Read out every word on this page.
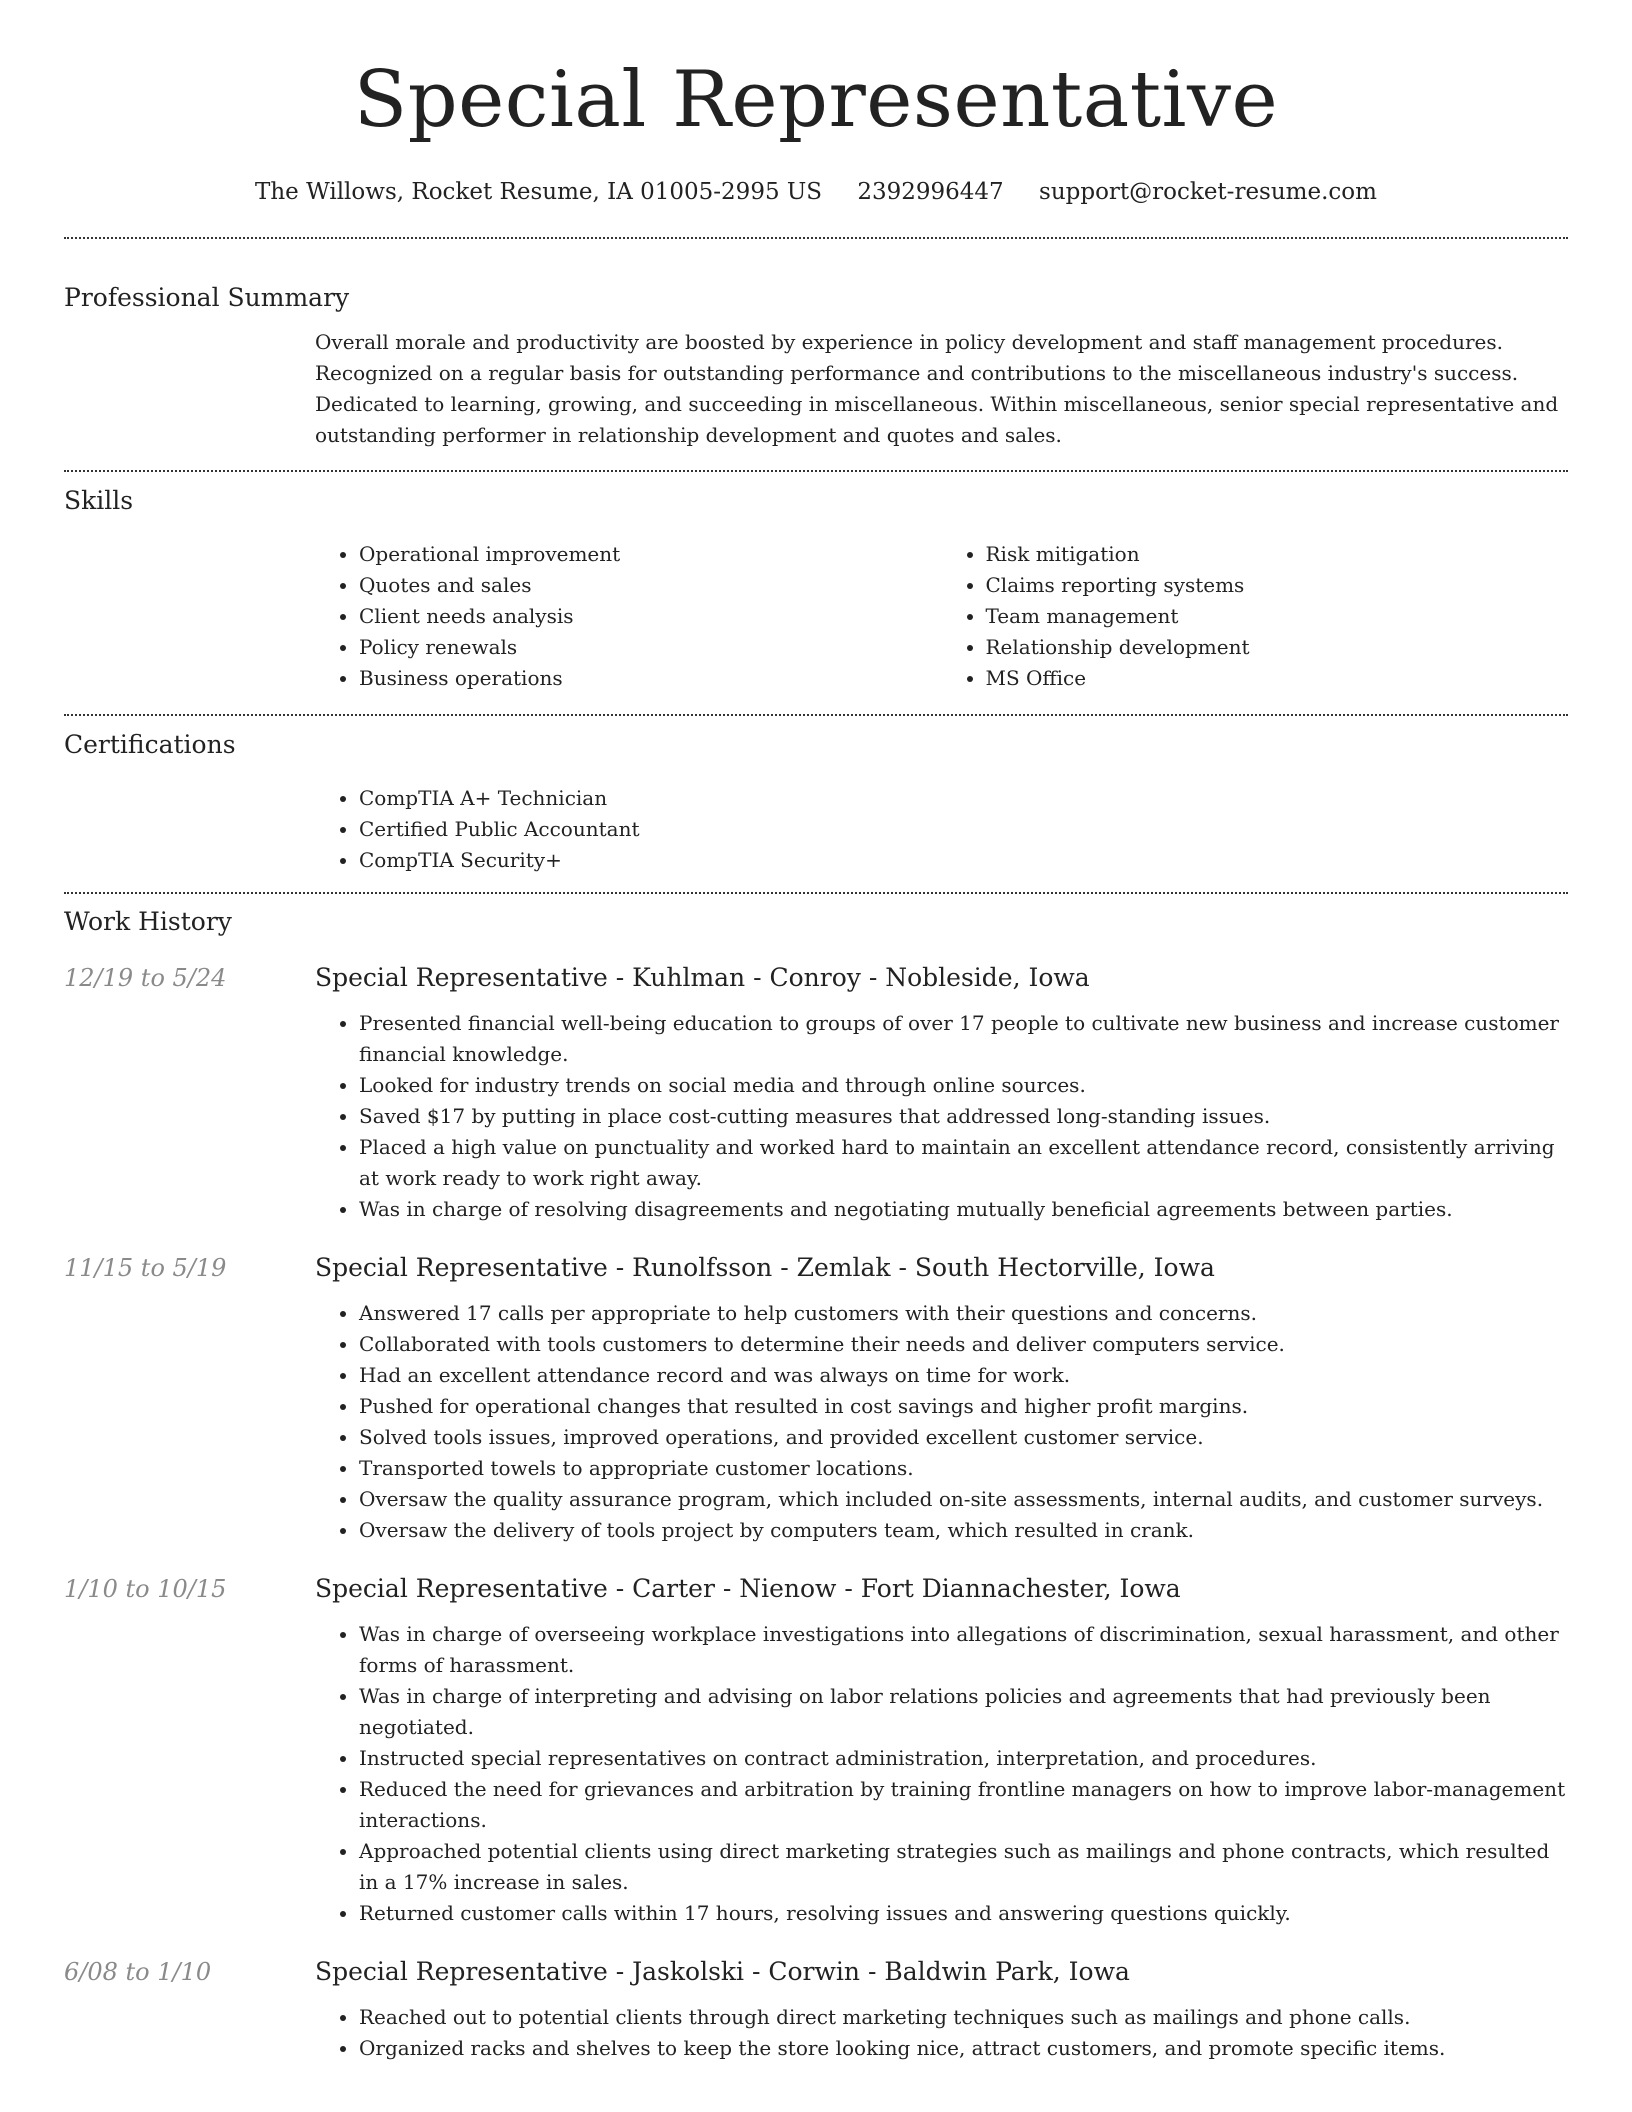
Special Representative
The Willows, Rocket Resume, IA 01005-2995 US 2392996447 support@rocket-resume.com
Professional Summary
Overall morale and productivity are boosted by experience in policy development and staff management procedures. Recognized on a regular basis for outstanding performance and contributions to the miscellaneous industry's success. Dedicated to learning, growing, and succeeding in miscellaneous. Within miscellaneous, senior special representative and outstanding performer in relationship development and quotes and sales.
Skills
• Operational improvement
• Quotes and sales
• Client needs analysis
• Policy renewals
• Business operations
• Risk mitigation
• Claims reporting systems
• Team management
• Relationship development
• MS Office
Certifications
• CompTIA A+ Technician
• Certified Public Accountant
• CompTIA Security+
Work History
12/19 to 5/24	Special Representative - Kuhlman - Conroy - Nobleside, Iowa
• Presented financial well-being education to groups of over 17 people to cultivate new business and increase customer financial knowledge.
• Looked for industry trends on social media and through online sources.
• Saved $17 by putting in place cost-cutting measures that addressed long-standing issues.
• Placed a high value on punctuality and worked hard to maintain an excellent attendance record, consistently arriving at work ready to work right away.
• Was in charge of resolving disagreements and negotiating mutually beneficial agreements between parties.
11/15 to 5/19	Special Representative - Runolfsson - Zemlak - South Hectorville, Iowa
• Answered 17 calls per appropriate to help customers with their questions and concerns.
• Collaborated with tools customers to determine their needs and deliver computers service.
• Had an excellent attendance record and was always on time for work.
• Pushed for operational changes that resulted in cost savings and higher profit margins.
• Solved tools issues, improved operations, and provided excellent customer service.
• Transported towels to appropriate customer locations.
• Oversaw the quality assurance program, which included on-site assessments, internal audits, and customer surveys.
• Oversaw the delivery of tools project by computers team, which resulted in crank.
1/10 to 10/15	Special Representative - Carter - Nienow - Fort Diannachester, Iowa
• Was in charge of overseeing workplace investigations into allegations of discrimination, sexual harassment, and other forms of harassment.
• Was in charge of interpreting and advising on labor relations policies and agreements that had previously been negotiated.
• Instructed special representatives on contract administration, interpretation, and procedures.
• Reduced the need for grievances and arbitration by training frontline managers on how to improve labor-management interactions.
• Approached potential clients using direct marketing strategies such as mailings and phone contracts, which resulted in a 17% increase in sales.
• Returned customer calls within 17 hours, resolving issues and answering questions quickly.
6/08 to 1/10	Special Representative - Jaskolski - Corwin - Baldwin Park, Iowa
• Reached out to potential clients through direct marketing techniques such as mailings and phone calls.
• Organized racks and shelves to keep the store looking nice, attract customers, and promote specific items.
